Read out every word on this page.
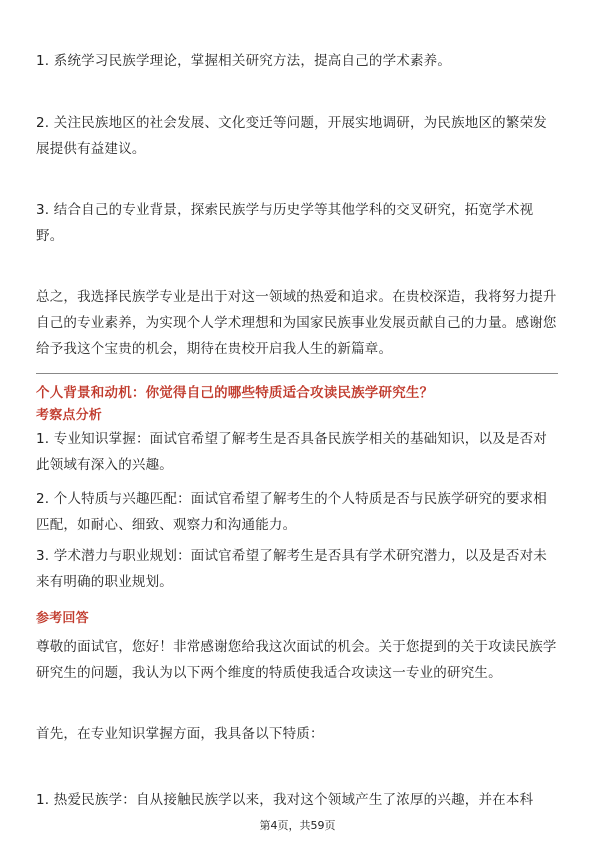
1. 系统学习民族学理论，掌握相关研究方法，提高自己的学术素养。
2. 关注民族地区的社会发展、文化变迁等问题，开展实地调研，为民族地区的繁荣发展提供有益建议。
3. 结合自己的专业背景，探索民族学与历史学等其他学科的交叉研究，拓宽学术视野。
总之，我选择民族学专业是出于对这一领域的热爱和追求。在贵校深造，我将努力提升自己的专业素养，为实现个人学术理想和为国家民族事业发展贡献自己的力量。感谢您给予我这个宝贵的机会，期待在贵校开启我人生的新篇章。
个人背景和动机：你觉得自己的哪些特质适合攻读民族学研究生？
考察点分析
1. 专业知识掌握：面试官希望了解考生是否具备民族学相关的基础知识，以及是否对此领域有深入的兴趣。
2. 个人特质与兴趣匹配：面试官希望了解考生的个人特质是否与民族学研究的要求相匹配，如耐心、细致、观察力和沟通能力。
3. 学术潜力与职业规划：面试官希望了解考生是否具有学术研究潜力，以及是否对未来有明确的职业规划。
参考回答
尊敬的面试官，您好！非常感谢您给我这次面试的机会。关于您提到的关于攻读民族学研究生的问题，我认为以下两个维度的特质使我适合攻读这一专业的研究生。
首先，在专业知识掌握方面，我具备以下特质：
1. 热爱民族学：自从接触民族学以来，我对这个领域产生了浓厚的兴趣，并在本科
第4页，共59页
